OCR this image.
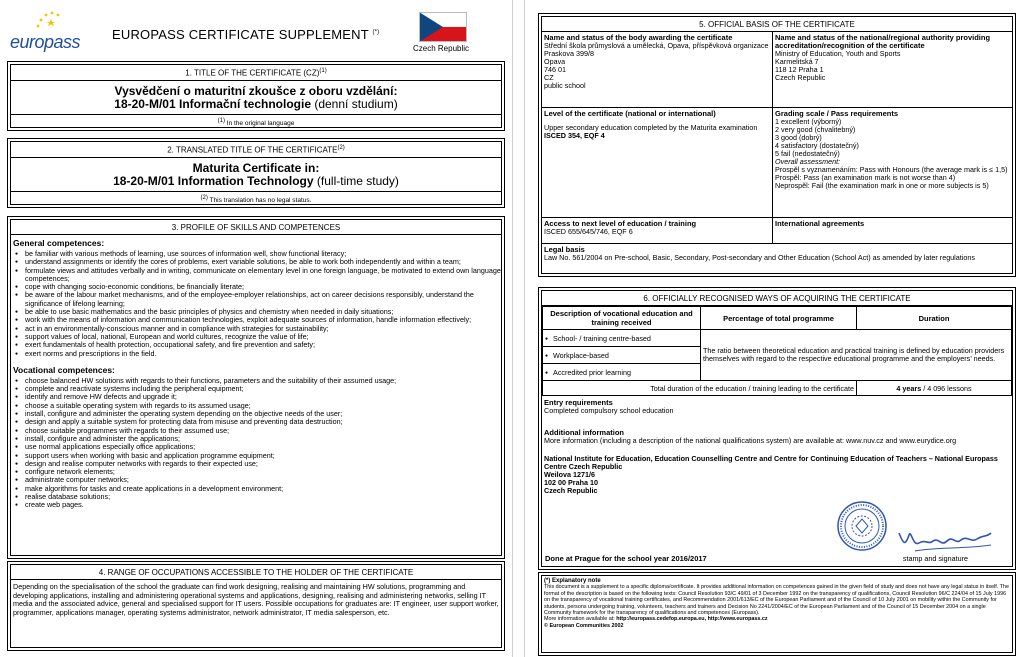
europass EUROPASS CERTIFICATE SUPPLEMENT (*)
Czech Republic
1. TITLE OF THE CERTIFICATE (CZ)$^{(1)}$
Vysvědčení o maturitní zkoušce z oboru vzdělání:
18-20-M/01 Informační technologie (denní studium)
(1) In the original language
2. TRANSLATED TITLE OF THE CERTIFICATE$^{(2)}$
Maturita Certificate in:
18-20-M/01 Information Technology (full-time study)
(2) This translation has no legal status.
3. PROFILE OF SKILLS AND COMPETENCES
General competences:
● be familiar with various methods of learning, use sources of information well, show functional literacy;
● understand assignments or identify the cores of problems, exert variable solutions, be able to work both independently and within a team;
● formulate views and attitudes verbally and in writing, communicate on elementary level in one foreign language, be motivated to extend own language competences;
● cope with changing socio-economic conditions, be financially literate;
● be aware of the labour market mechanisms, and of the employee-employer relationships, act on career decisions responsibly, understand the significance of lifelong learning;
● be able to use basic mathematics and the basic principles of physics and chemistry when needed in daily situations;
● work with the means of information and communication technologies, exploit adequate sources of information, handle information effectively;
● act in an environmentally-conscious manner and in compliance with strategies for sustainability;
● support values of local, national, European and world cultures, recognize the value of life;
● exert fundamentals of health protection, occupational safety, and fire prevention and safety;
● exert norms and prescriptions in the field.
Vocational competences:
● choose balanced HW solutions with regards to their functions, parameters and the suitability of their assumed usage;
● complete and reactivate systems including the peripheral equipment;
● identify and remove HW defects and upgrade it;
● choose a suitable operating system with regards to its assumed usage;
● install, configure and administer the operating system depending on the objective needs of the user;
● design and apply a suitable system for protecting data from misuse and preventing data destruction;
● choose suitable programmes with regards to their assumed use;
● install, configure and administer the applications;
● use normal applications especially office applications;
● support users when working with basic and application programme equipment;
● design and realise computer networks with regards to their expected use;
● configure network elements;
● administrate computer networks;
● make algorithms for tasks and create applications in a development environment;
● realise database solutions;
● create web pages.
4. RANGE OF OCCUPATIONS ACCESSIBLE TO THE HOLDER OF THE CERTIFICATE
Depending on the specialisation of the school the graduate can find work designing, realising and maintaining HW solutions, programming and developing applications, installing and administering operational systems and applications, designing, realising and administering networks, selling IT media and the associated advice, general and specialised support for IT users. Possible occupations for graduates are: IT engineer, user support worker, programmer, applications manager, operating systems administrator, network administrator, IT media salesperson, etc.
5. OFFICIAL BASIS OF THE CERTIFICATE
Name and status of the body awarding the certificate
Střední škola průmyslová a umělecká, Opava, příspěvková organizace
Praskova 399/8
Opava
746 01
CZ
public school
Name and status of the national/regional authority providing accreditation/recognition of the certificate
Ministry of Education, Youth and Sports
Karmelitská 7
118 12 Praha 1
Czech Republic
Level of the certificate (national or international)
Upper secondary education completed by the Maturita examination
ISCED 354, EQF 4
Grading scale / Pass requirements
1 excellent (výborný)
2 very good (chvalitebný)
3 good (dobrý)
4 satisfactory (dostatečný)
5 fail (nedostatečný)
Overall assessment:
Prospěl s vyznamenáním: Pass with Honours (the average mark is ≤ 1,5)
Prospěl: Pass (an examination mark is not worse than 4)
Neprospěl: Fail (the examination mark in one or more subjects is 5)
Access to next level of education / training
ISCED 655/645/746, EQF 6
International agreements
Legal basis
Law No. 561/2004 on Pre-school, Basic, Secondary, Post-secondary and Other Education (School Act) as amended by later regulations
6. OFFICIALLY RECOGNISED WAYS OF ACQUIRING THE CERTIFICATE
Description of vocational education and training received	Percentage of total programme	Duration
● School- / training centre-based	The ratio between theoretical education and practical training is defined by education providers themselves with regard to the respective educational programme and the employers’ needs.	
● Workplace-based
● Accredited prior learning
Total duration of the education / training leading to the certificate		4 years / 4 096 lessons
Entry requirements
Completed compulsory school education
Additional information
More information (including a description of the national qualifications system) are available at: www.nuv.cz and www.eurydice.org
National Institute for Education, Education Counselling Centre and Centre for Continuing Education of Teachers – National Europass Centre Czech Republic
Weilova 1271/6
102 00 Praha 10
Czech Republic
Done at Prague for the school year 2016/2017	stamp and signature
(*) Explanatory note
This document is a supplement to a specific diploma/certificate. It provides additional information on competences gained in the given field of study and does not have any legal status in itself. The format of the description is based on the following texts: Council Resolution 93/C 49/01 of 3 December 1992 on the transparency of qualifications, Council Resolution 96/C 224/04 of 15 July 1996 on the transparency of vocational training certificates, and Recommendation 2001/613/EC of the European Parliament and of the Council of 10 July 2001 on mobility within the Community for students, persons undergoing training, volunteers, teachers and trainers and Decision No 2241/2004/EC of the European Parliament and of the Council of 15 December 2004 on a single Community framework for the transparency of qualifications and competences (Europass).
More information available at: http://europass.cedefop.europa.eu, http://www.europass.cz
© European Communities 2002
